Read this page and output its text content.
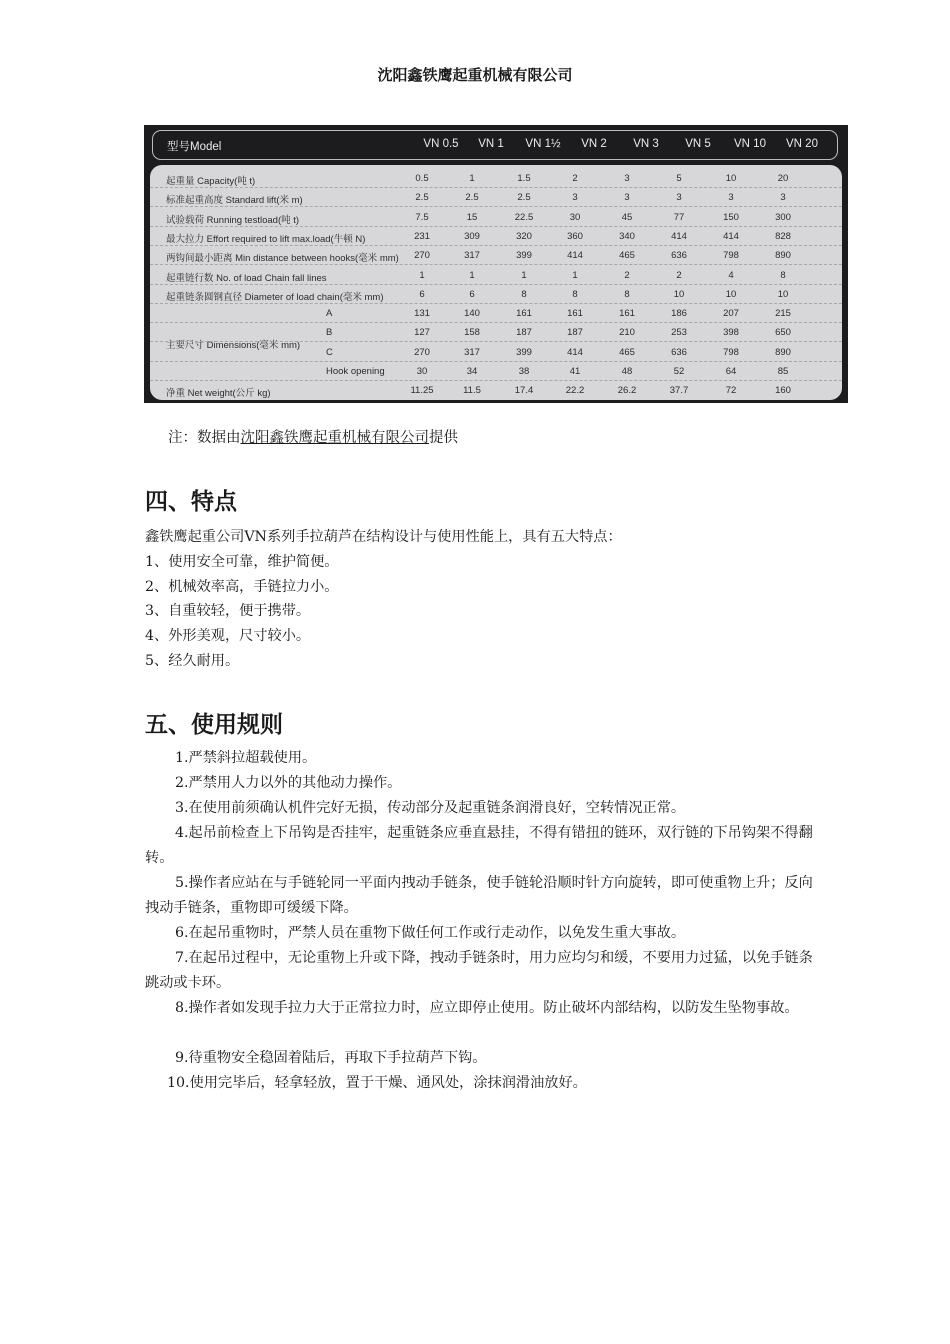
沈阳鑫铁鹰起重机械有限公司
型号Model	VN 0.5	VN 1	VN 1½	VN 2	VN 3	VN 5	VN 10	VN 20
主要尺寸 Dimensions(毫米 mm)
起重量 Capacity(吨 t)	0.5	1	1.5	2	3	5	10	20
标准起重高度 Standard lift(米 m)	2.5	2.5	2.5	3	3	3	3	3
试验载荷 Running testload(吨 t)	7.5	15	22.5	30	45	77	150	300
最大拉力 Effort required to lift max.load(牛顿 N)	231	309	320	360	340	414	414	828
两钩间最小距离 Min distance between hooks(毫米 mm)	270	317	399	414	465	636	798	890
起重链行数 No. of load Chain fall lines	1	1	1	1	2	2	4	8
起重链条圆钢直径 Diameter of load chain(毫米 mm)	6	6	8	8	8	10	10	10
A	131	140	161	161	161	186	207	215
B	127	158	187	187	210	253	398	650
C	270	317	399	414	465	636	798	890
Hook opening	30	34	38	41	48	52	64	85
净重 Net weight(公斤 kg)	11.25	11.5	17.4	22.2	26.2	37.7	72	160
注：数据由沈阳鑫铁鹰起重机械有限公司提供
四、特点
鑫铁鹰起重公司VN系列手拉葫芦在结构设计与使用性能上，具有五大特点：
1、使用安全可靠，维护简便。
2、机械效率高，手链拉力小。
3、自重较轻，便于携带。
4、外形美观，尺寸较小。
5、经久耐用。
五、使用规则
1.严禁斜拉超载使用。
2.严禁用人力以外的其他动力操作。
3.在使用前须确认机件完好无损，传动部分及起重链条润滑良好，空转情况正常。
4.起吊前检查上下吊钩是否挂牢，起重链条应垂直悬挂，不得有错扭的链环，双行链的下吊钩架不得翻转。
5.操作者应站在与手链轮同一平面内拽动手链条，使手链轮沿顺时针方向旋转，即可使重物上升；反向拽动手链条，重物即可缓缓下降。
6.在起吊重物时，严禁人员在重物下做任何工作或行走动作，以免发生重大事故。
7.在起吊过程中，无论重物上升或下降，拽动手链条时，用力应均匀和缓，不要用力过猛，以免手链条跳动或卡环。
8.操作者如发现手拉力大于正常拉力时，应立即停止使用。防止破坏内部结构，以防发生坠物事故。
9.待重物安全稳固着陆后，再取下手拉葫芦下钩。
10.使用完毕后，轻拿轻放，置于干燥、通风处，涂抹润滑油放好。
